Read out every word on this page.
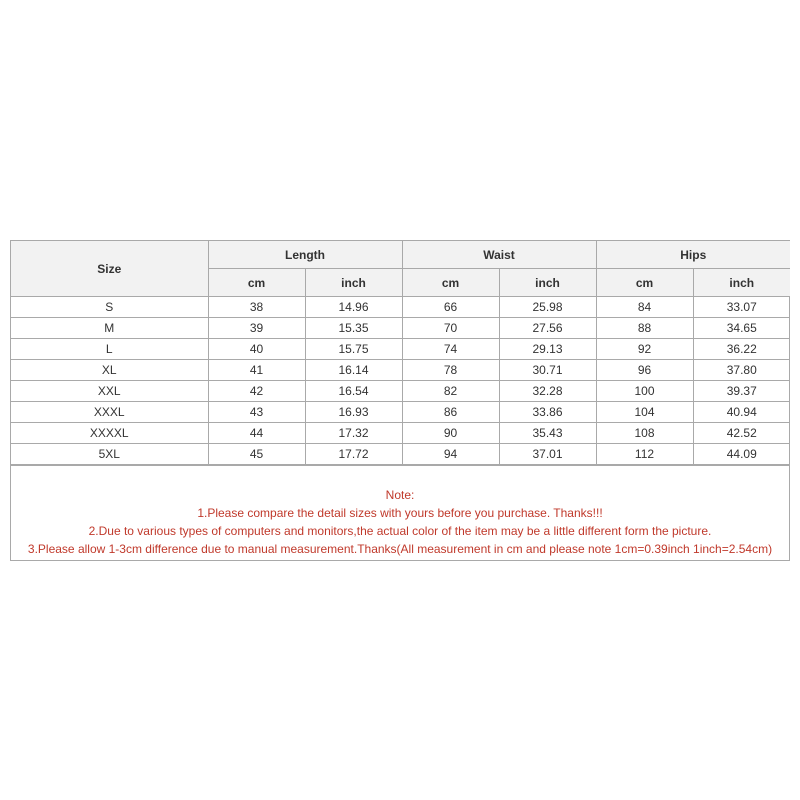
Size	Length		Waist		Hips	
	cm	inch	cm	inch	cm	inch
S	38	14.96	66	25.98	84	33.07
M	39	15.35	70	27.56	88	34.65
L	40	15.75	74	29.13	92	36.22
XL	41	16.14	78	30.71	96	37.80
XXL	42	16.54	82	32.28	100	39.37
XXXL	43	16.93	86	33.86	104	40.94
XXXXL	44	17.32	90	35.43	108	42.52
5XL	45	17.72	94	37.01	112	44.09
Note:
1.Please compare the detail sizes with yours before you purchase. Thanks!!!
2.Due to various types of computers and monitors,the actual color of the item may be a little different form the picture.
3.Please allow 1-3cm difference due to manual measurement.Thanks(All measurement in cm and please note 1cm=0.39inch 1inch=2.54cm)
